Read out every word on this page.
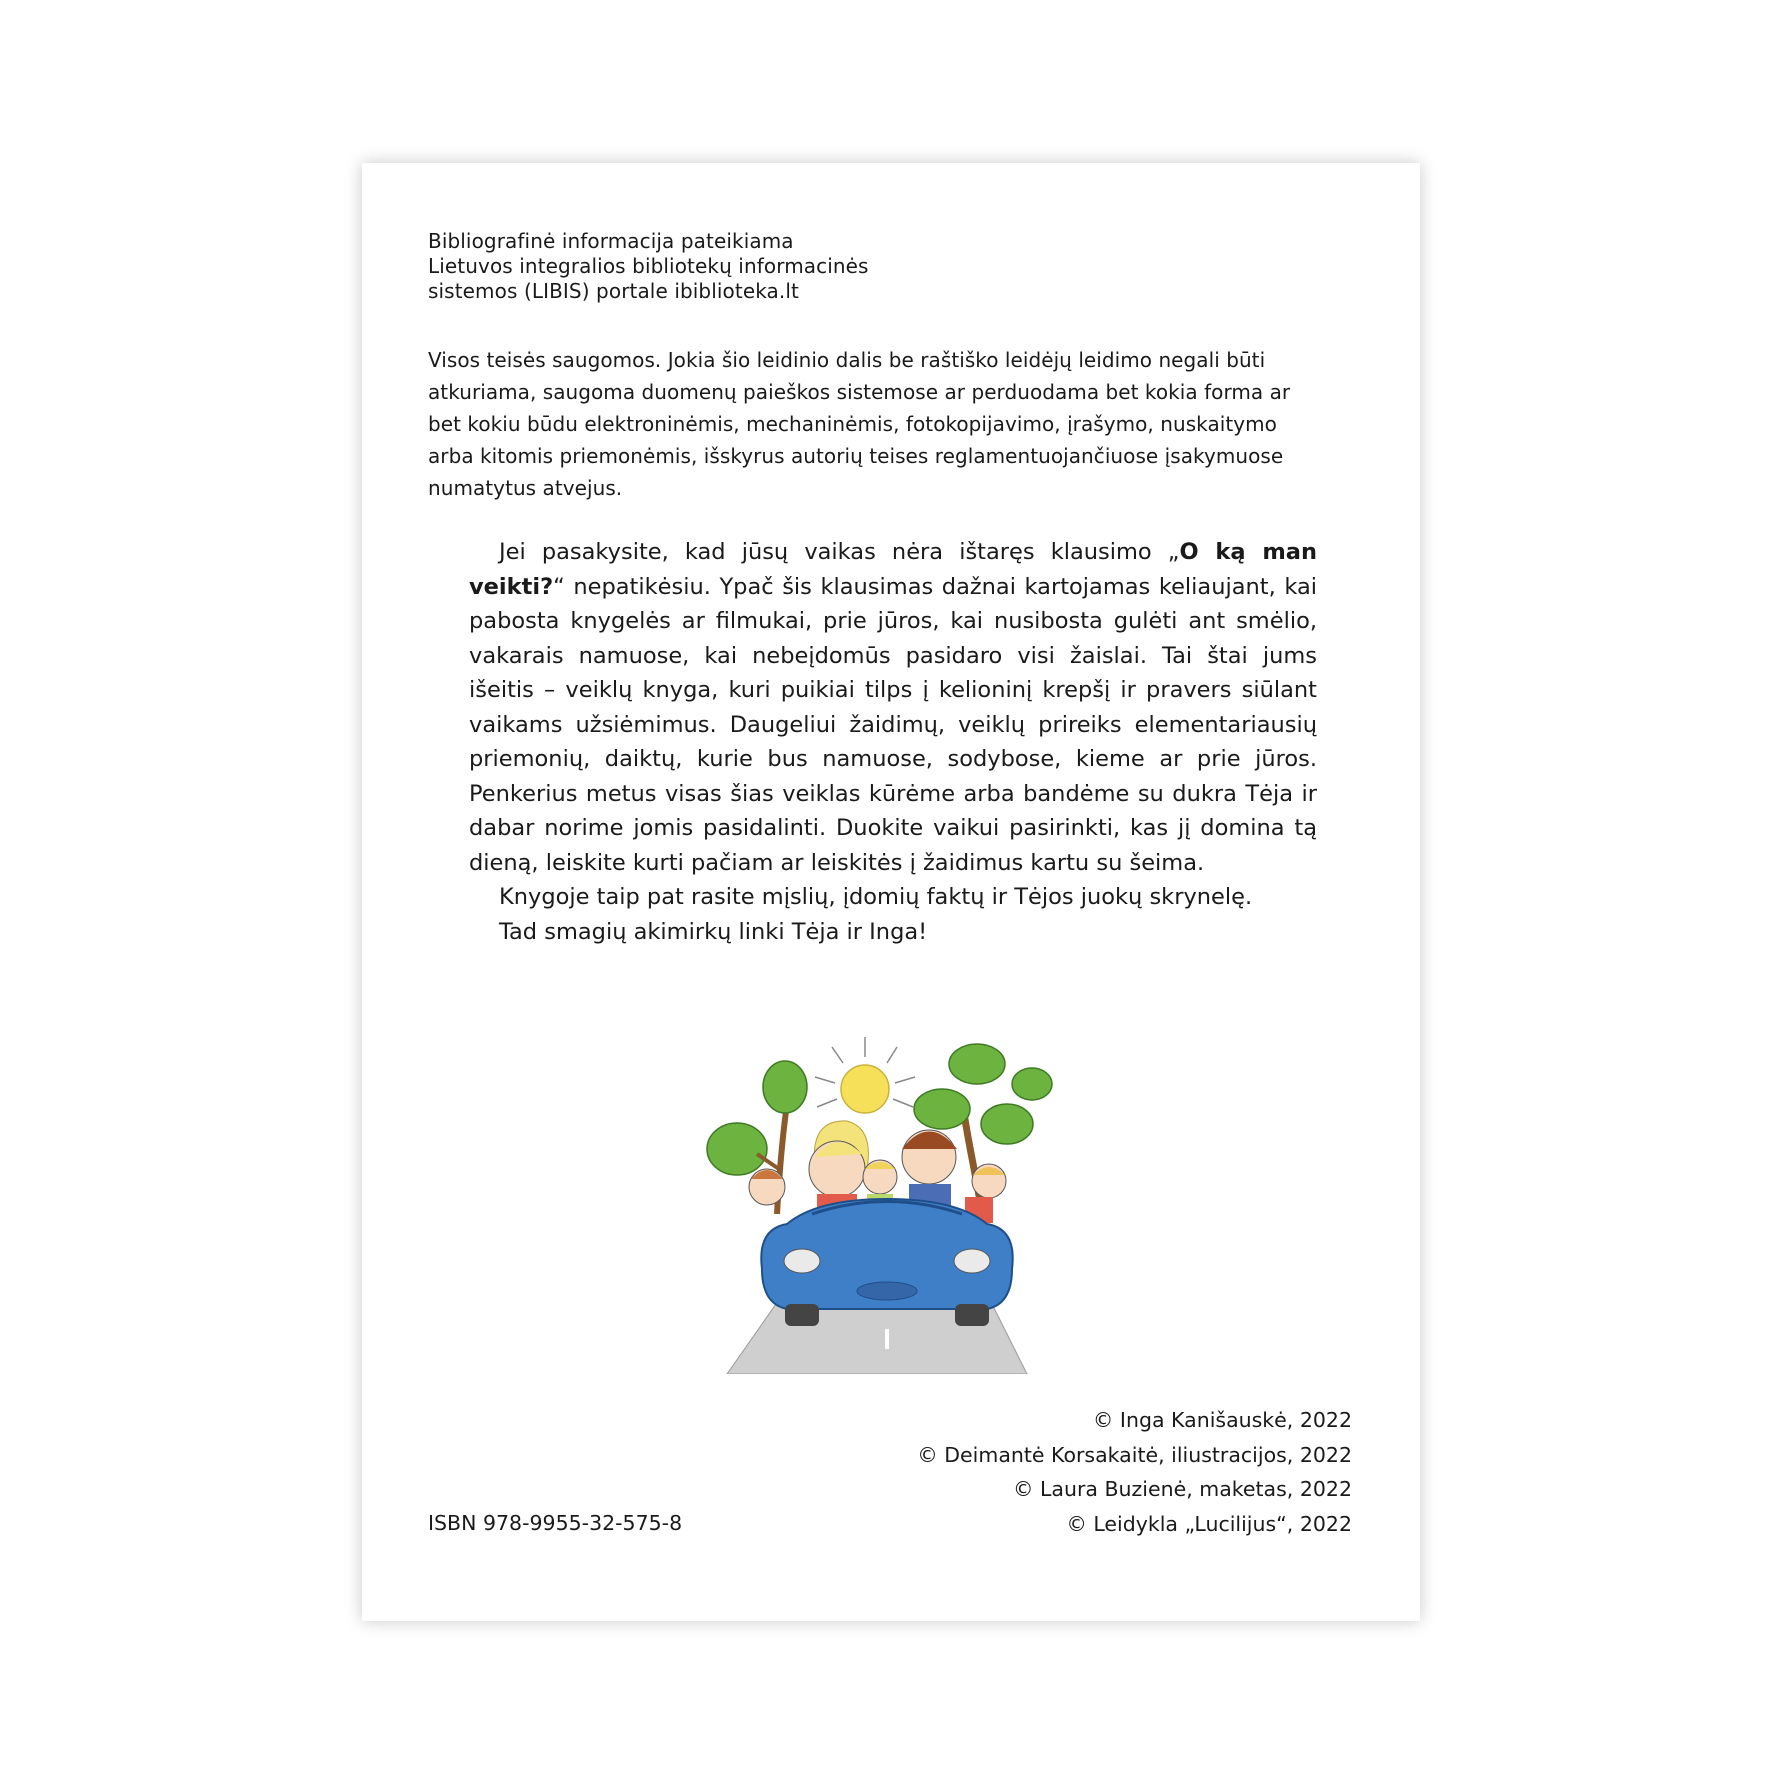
Bibliografinė informacija pateikiama
Lietuvos integralios bibliotekų informacinės
sistemos (LIBIS) portale ibiblioteka.lt
Visos teisės saugomos. Jokia šio leidinio dalis be raštiško leidėjų leidimo negali būti atkuriama, saugoma duomenų paieškos sistemose ar perduodama bet kokia forma ar bet kokiu būdu elektroninėmis, mechaninėmis, fotokopijavimo, įrašymo, nuskaitymo arba kitomis priemonėmis, išskyrus autorių teises reglamentuojančiuose įsakymuose numatytus atvejus.

Jei pasakysite, kad jūsų vaikas nėra ištaręs klausimo „O ką man veikti?“ nepatikėsiu. Ypač šis klausimas dažnai kartojamas keliaujant, kai pabosta knygelės ar filmukai, prie jūros, kai nusibosta gulėti ant smėlio, vakarais namuose, kai nebeįdomūs pasidaro visi žaislai. Tai štai jums išeitis – veiklų knyga, kuri puikiai tilps į kelioninį krepšį ir pravers siūlant vaikams užsiėmimus. Daugeliui žaidimų, veiklų prireiks elementariausių priemonių, daiktų, kurie bus namuose, sodybose, kieme ar prie jūros. Penkerius metus visas šias veiklas kūrėme arba bandėme su dukra Tėja ir dabar norime jomis pasidalinti. Duokite vaikui pasirinkti, kas jį domina tą dieną, leiskite kurti pačiam ar leiskitės į žaidimus kartu su šeima.

Knygoje taip pat rasite mįslių, įdomių faktų ir Tėjos juokų skrynelę.

Tad smagių akimirkų linki Tėja ir Inga!

© Inga Kanišauskė, 2022
© Deimantė Korsakaitė, iliustracijos, 2022
© Laura Buzienė, maketas, 2022
© Leidykla „Lucilijus“, 2022
ISBN 978-9955-32-575-8
